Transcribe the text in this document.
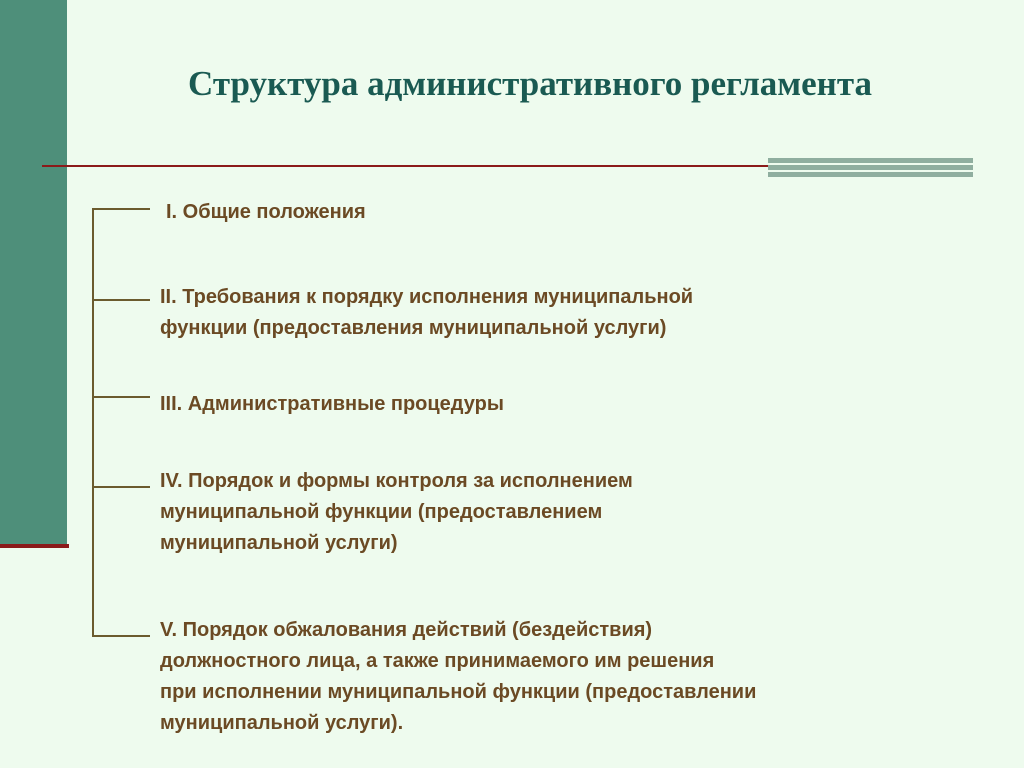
Структура административного регламента
I. Общие положения
II. Требования к порядку исполнения муниципальной
функции (предоставления муниципальной услуги)
III. Административные процедуры
IV. Порядок и формы контроля за исполнением
муниципальной функции (предоставлением
муниципальной услуги)
V. Порядок обжалования действий (бездействия)
должностного лица, а также принимаемого им решения
при исполнении муниципальной функции (предоставлении
муниципальной услуги).
